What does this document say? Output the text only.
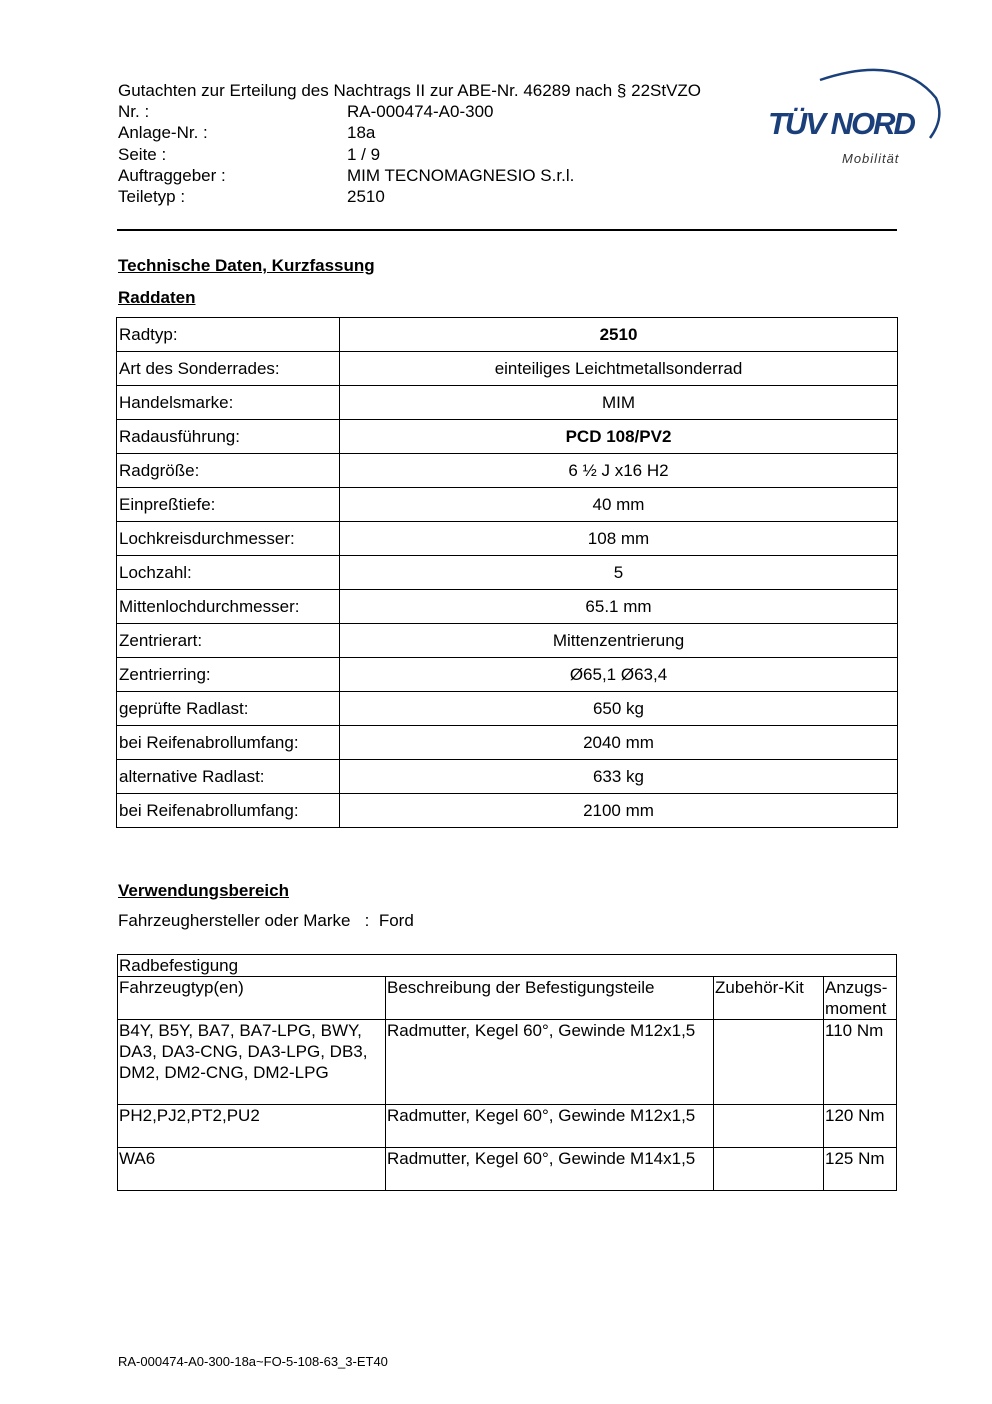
Gutachten zur Erteilung des Nachtrags II zur ABE-Nr. 46289 nach § 22StVZO
Nr. :	RA-000474-A0-300
Anlage-Nr. :	18a
Seite :	1 / 9
Auftraggeber :	MIM TECNOMAGNESIO S.r.l.
Teiletyp :	2510
TÜV NORD
Mobilität
Technische Daten, Kurzfassung
Raddaten
Radtyp:	2510
Art des Sonderrades:	einteiliges Leichtmetallsonderrad
Handelsmarke:	MIM
Radausführung:	PCD 108/PV2
Radgröße:	6 ½ J x16 H2
Einpreßtiefe:	40 mm
Lochkreisdurchmesser:	108 mm
Lochzahl:	5
Mittenlochdurchmesser:	65.1 mm
Zentrierart:	Mittenzentrierung
Zentrierring:	Ø65,1 Ø63,4
geprüfte Radlast:	650 kg
bei Reifenabrollumfang:	2040 mm
alternative Radlast:	633 kg
bei Reifenabrollumfang:	2100 mm
Verwendungsbereich
Fahrzeughersteller oder Marke : Ford
Radbefestigung			
Fahrzeugtyp(en)	Beschreibung der Befestigungsteile	Zubehör-Kit	Anzugs-moment
B4Y, B5Y, BA7, BA7-LPG, BWY, DA3, DA3-CNG, DA3-LPG, DB3, DM2, DM2-CNG, DM2-LPG	Radmutter, Kegel 60°, Gewinde M12x1,5		110 Nm
PH2,PJ2,PT2,PU2	Radmutter, Kegel 60°, Gewinde M12x1,5		120 Nm
WA6	Radmutter, Kegel 60°, Gewinde M14x1,5		125 Nm
RA-000474-A0-300-18a~FO-5-108-63_3-ET40
